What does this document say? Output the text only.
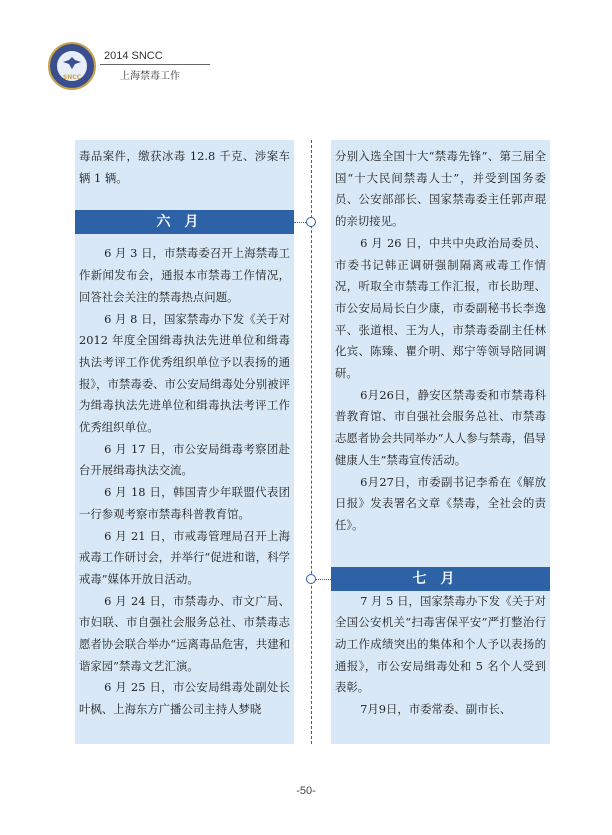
SNCC
2014 SNCC
上海禁毒工作

毒品案件，缴获冰毒 12.8 千克、涉案车辆 1 辆。

6 月 3 日，市禁毒委召开上海禁毒工作新闻发布会，通报本市禁毒工作情况，回答社会关注的禁毒热点问题。

6 月 8 日，国家禁毒办下发《关于对 2012 年度全国缉毒执法先进单位和缉毒执法考评工作优秀组织单位予以表扬的通报》，市禁毒委、市公安局缉毒处分别被评为缉毒执法先进单位和缉毒执法考评工作优秀组织单位。

6 月 17 日，市公安局缉毒考察团赴台开展缉毒执法交流。

6 月 18 日，韩国青少年联盟代表团一行参观考察市禁毒科普教育馆。

6 月 21 日，市戒毒管理局召开上海戒毒工作研讨会，并举行“促进和谐，科学戒毒”媒体开放日活动。

6 月 24 日，市禁毒办、市文广局、市妇联、市自强社会服务总社、市禁毒志愿者协会联合举办“远离毒品危害，共建和谐家园”禁毒文艺汇演。

6 月 25 日，市公安局缉毒处副处长叶枫、上海东方广播公司主持人梦晓

分别入选全国十大“禁毒先锋”、第三届全国“十大民间禁毒人士”，并受到国务委员、公安部部长、国家禁毒委主任郭声琨的亲切接见。

6 月 26 日，中共中央政治局委员、市委书记韩正调研强制隔离戒毒工作情况，听取全市禁毒工作汇报，市长助理、市公安局局长白少康，市委副秘书长李逸平、张道根、王为人，市禁毒委副主任林化宾、陈臻、瞿介明、郑宁等领导陪同调研。

6月26日，静安区禁毒委和市禁毒科普教育馆、市自强社会服务总社、市禁毒志愿者协会共同举办“人人参与禁毒，倡导健康人生”禁毒宣传活动。

6月27日，市委副书记李希在《解放日报》发表署名文章《禁毒，全社会的责任》。

7 月 5 日，国家禁毒办下发《关于对全国公安机关“扫毒害保平安”严打整治行动工作成绩突出的集体和个人予以表扬的通报》，市公安局缉毒处和 5 名个人受到表彰。

7月9日，市委常委、副市长、

六月
七月
-50-
